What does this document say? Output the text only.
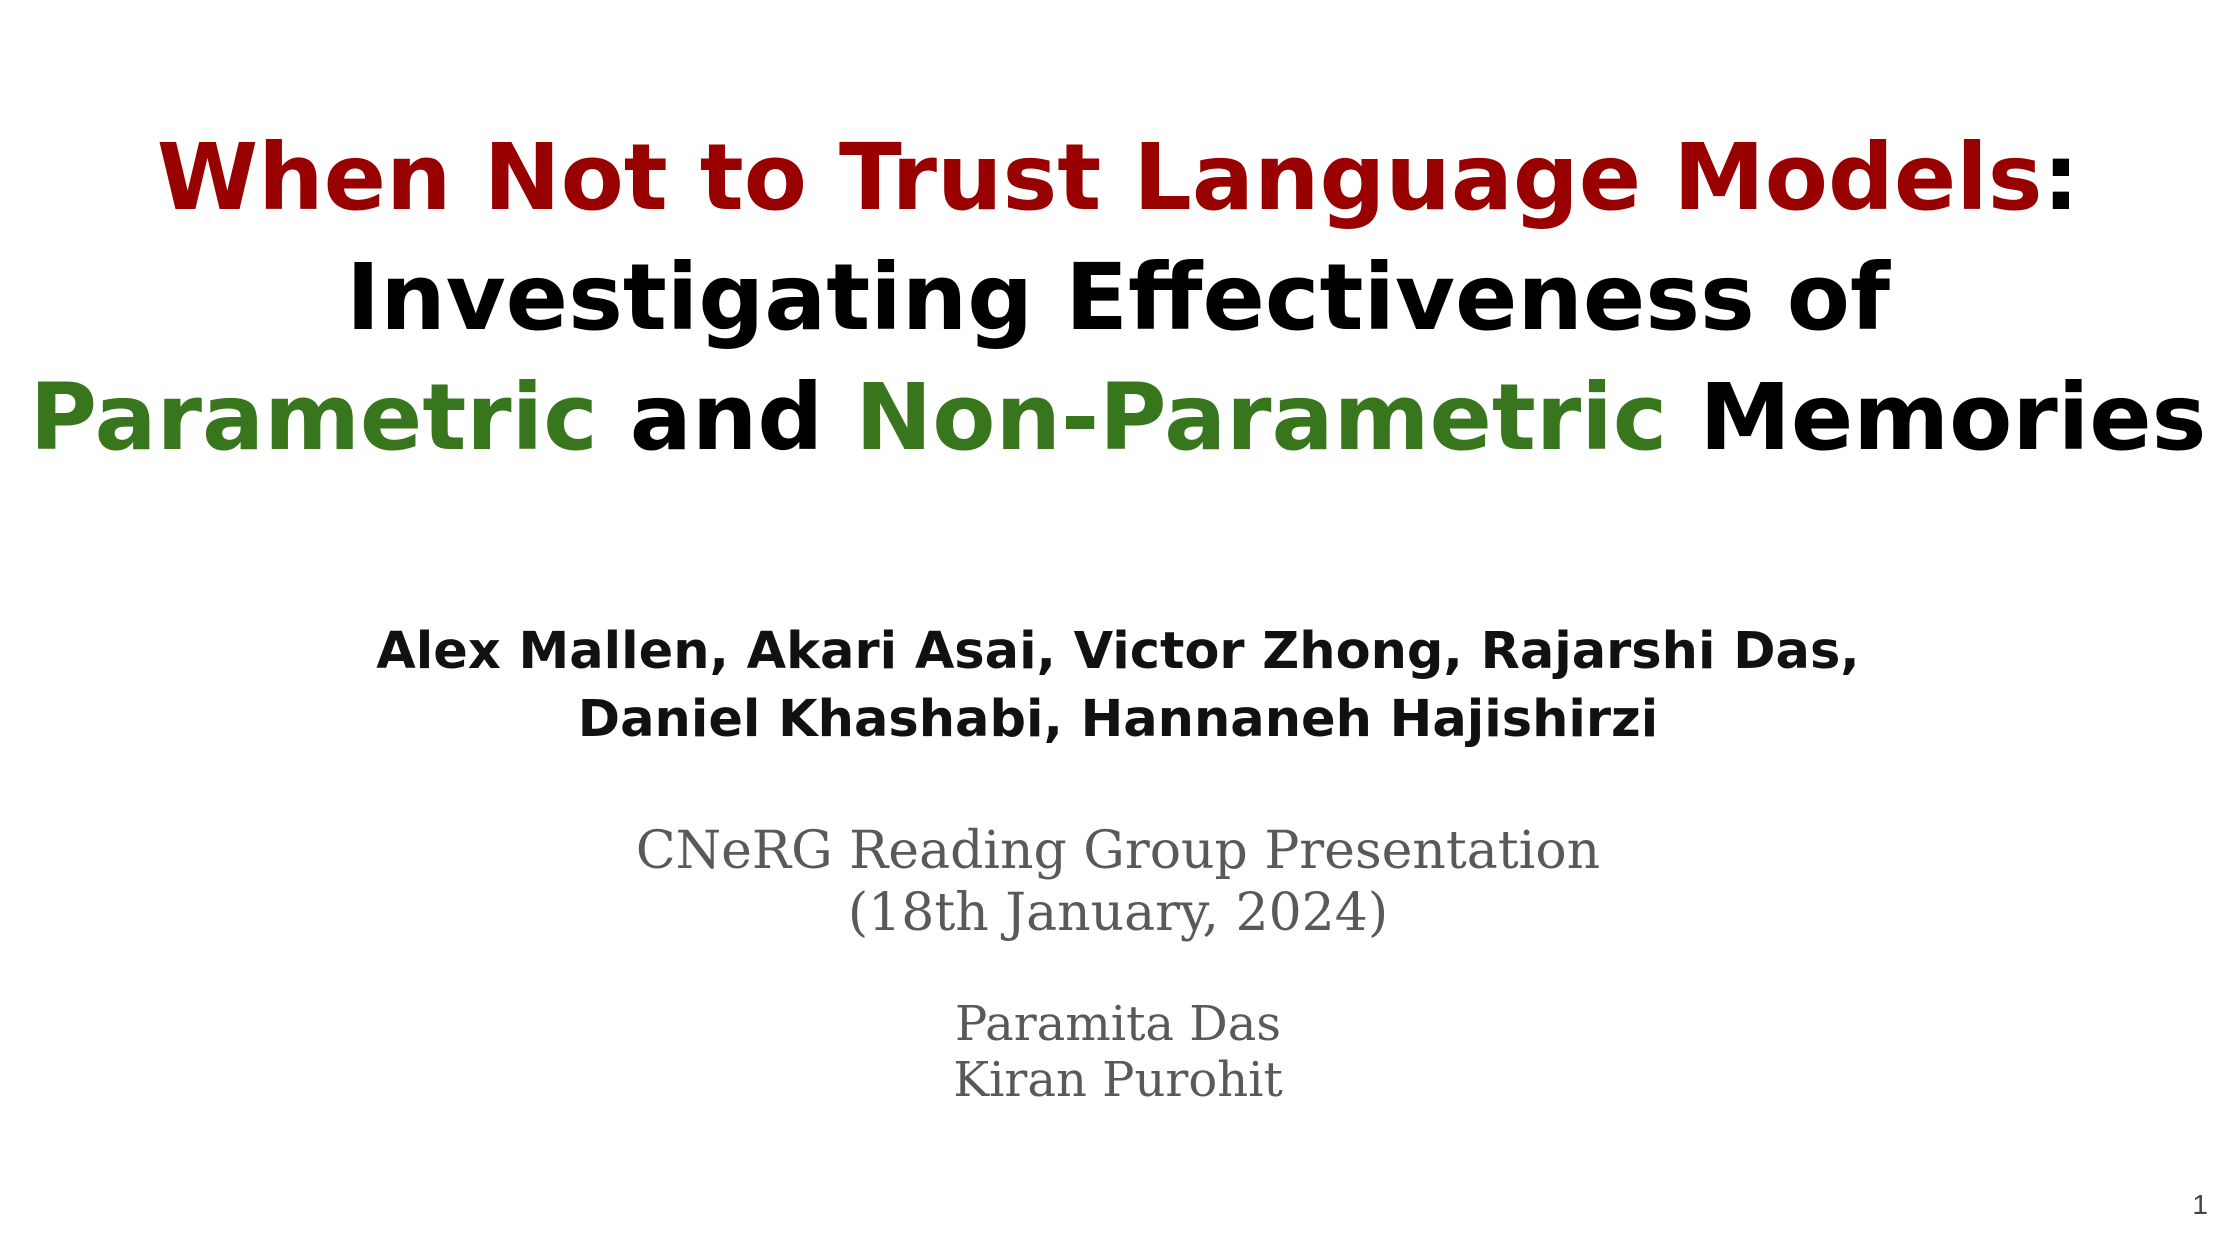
When Not to Trust Language Models:
Investigating Effectiveness of
Parametric and Non-Parametric Memories
Alex Mallen, Akari Asai, Victor Zhong, Rajarshi Das,
Daniel Khashabi, Hannaneh Hajishirzi
CNeRG Reading Group Presentation
(18th January, 2024)
Paramita Das
Kiran Purohit
1
